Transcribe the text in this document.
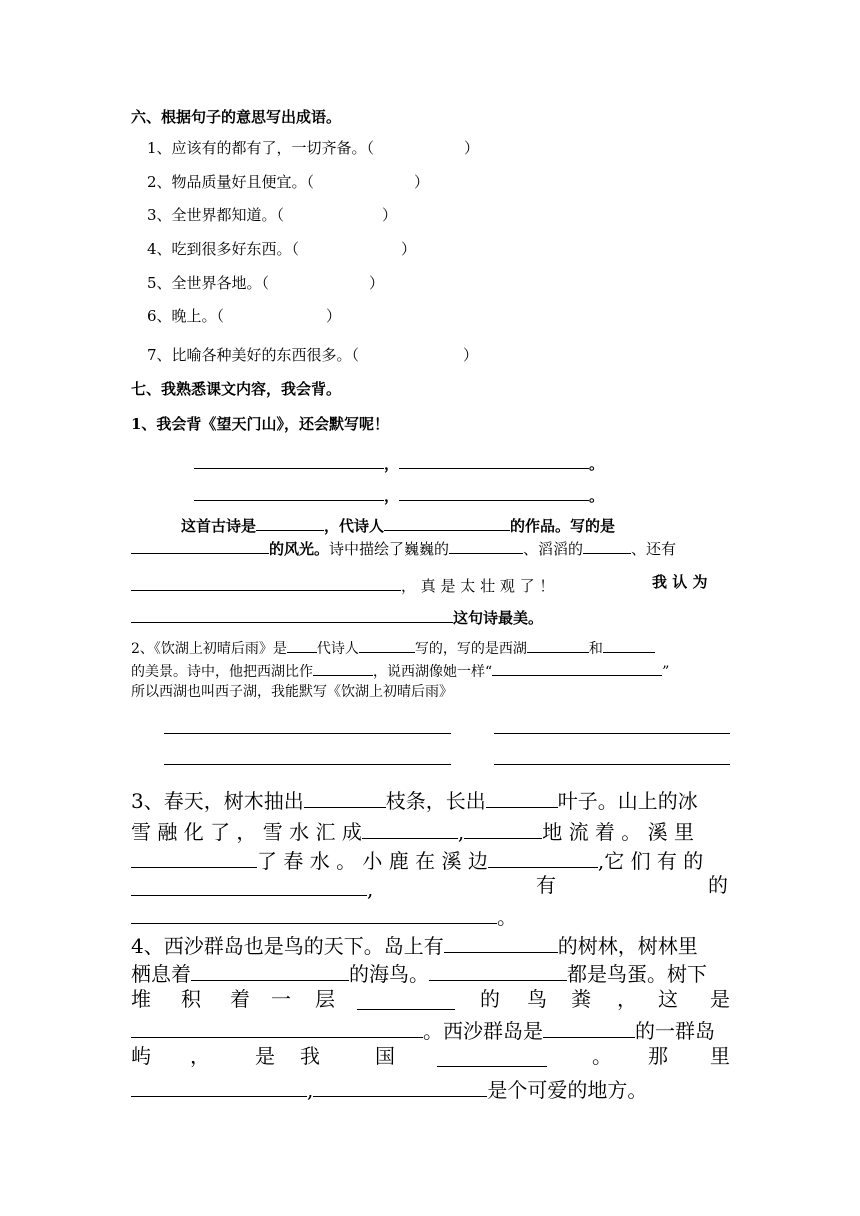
六、根据句子的意思写出成语。
1、应该有的都有了，一切齐备。（	）
2、物品质量好且便宜。（	）
3、全世界都知道。（	）
4、吃到很多好东西。（	）
5、全世界各地。（	）
6、晚上。（	）
7、比喻各种美好的东西很多。（	）
七、我熟悉课文内容，我会背。
1、我会背《望天门山》，还会默写呢！
，	。
，	。
这首古诗是	，代诗人	的作品。写的是
的风光。诗中描绘了巍巍的	、滔滔的	、还有
， 真 是 太 壮 观 了 ！	我 认 为
这句诗最美。
2、《饮湖上初晴后雨》是 代诗人	写的，写的是西湖	和
的美景。诗中，他把西湖比作	，说西湖像她一样“	”
所以西湖也叫西子湖，我能默写《饮湖上初晴后雨》
3、春天，树木抽出	枝条，长出	叶子。山上的冰
雪 融 化 了 ， 雪 水 汇 成	,	地 流 着 。 溪 里
了 春 水 。 小 鹿 在 溪 边	,它 们 有 的
,	有	的
。
4、西沙群岛也是鸟的天下。岛上有	的树林，树林里
栖息着	的海鸟。	都是鸟蛋。树下
堆 积 着 一 层	的 鸟 粪 ， 这 是
。西沙群岛是	的一群岛
屿 ， 是 我	国	。 那 里
,	是个可爱的地方。
